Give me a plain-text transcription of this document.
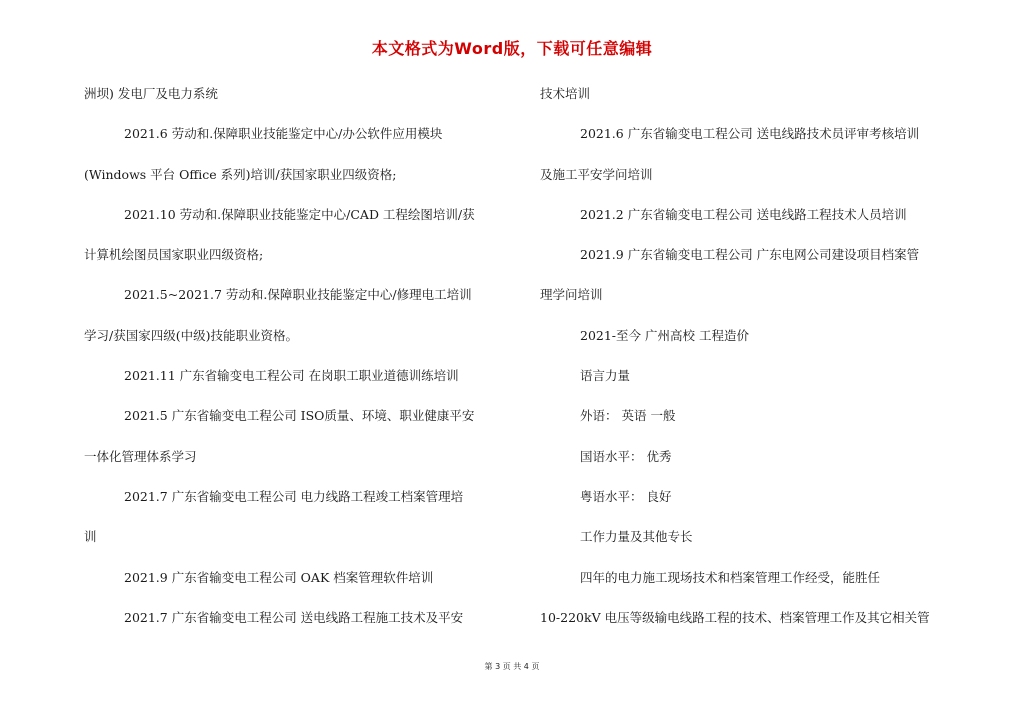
本文格式为Word版，下载可任意编辑
洲坝) 发电厂及电力系统
2021.6 劳动和.保障职业技能鉴定中心/办公软件应用模块
(Windows 平台 Office 系列)培训/获国家职业四级资格;
2021.10 劳动和.保障职业技能鉴定中心/CAD 工程绘图培训/获
计算机绘图员国家职业四级资格;
2021.5~2021.7 劳动和.保障职业技能鉴定中心/修理电工培训
学习/获国家四级(中级)技能职业资格。
2021.11 广东省输变电工程公司 在岗职工职业道德训练培训
2021.5 广东省输变电工程公司 ISO质量、环境、职业健康平安
一体化管理体系学习
2021.7 广东省输变电工程公司 电力线路工程竣工档案管理培
训
2021.9 广东省输变电工程公司 OAK 档案管理软件培训
2021.7 广东省输变电工程公司 送电线路工程施工技术及平安
技术培训
2021.6 广东省输变电工程公司 送电线路技术员评审考核培训
及施工平安学问培训
2021.2 广东省输变电工程公司 送电线路工程技术人员培训
2021.9 广东省输变电工程公司 广东电网公司建设项目档案管
理学问培训
2021-至今 广州高校 工程造价
语言力量
外语： 英语 一般
国语水平： 优秀
粤语水平： 良好
工作力量及其他专长
四年的电力施工现场技术和档案管理工作经受，能胜任
10-220kV 电压等级输电线路工程的技术、档案管理工作及其它相关管
第 3 页 共 4 页
